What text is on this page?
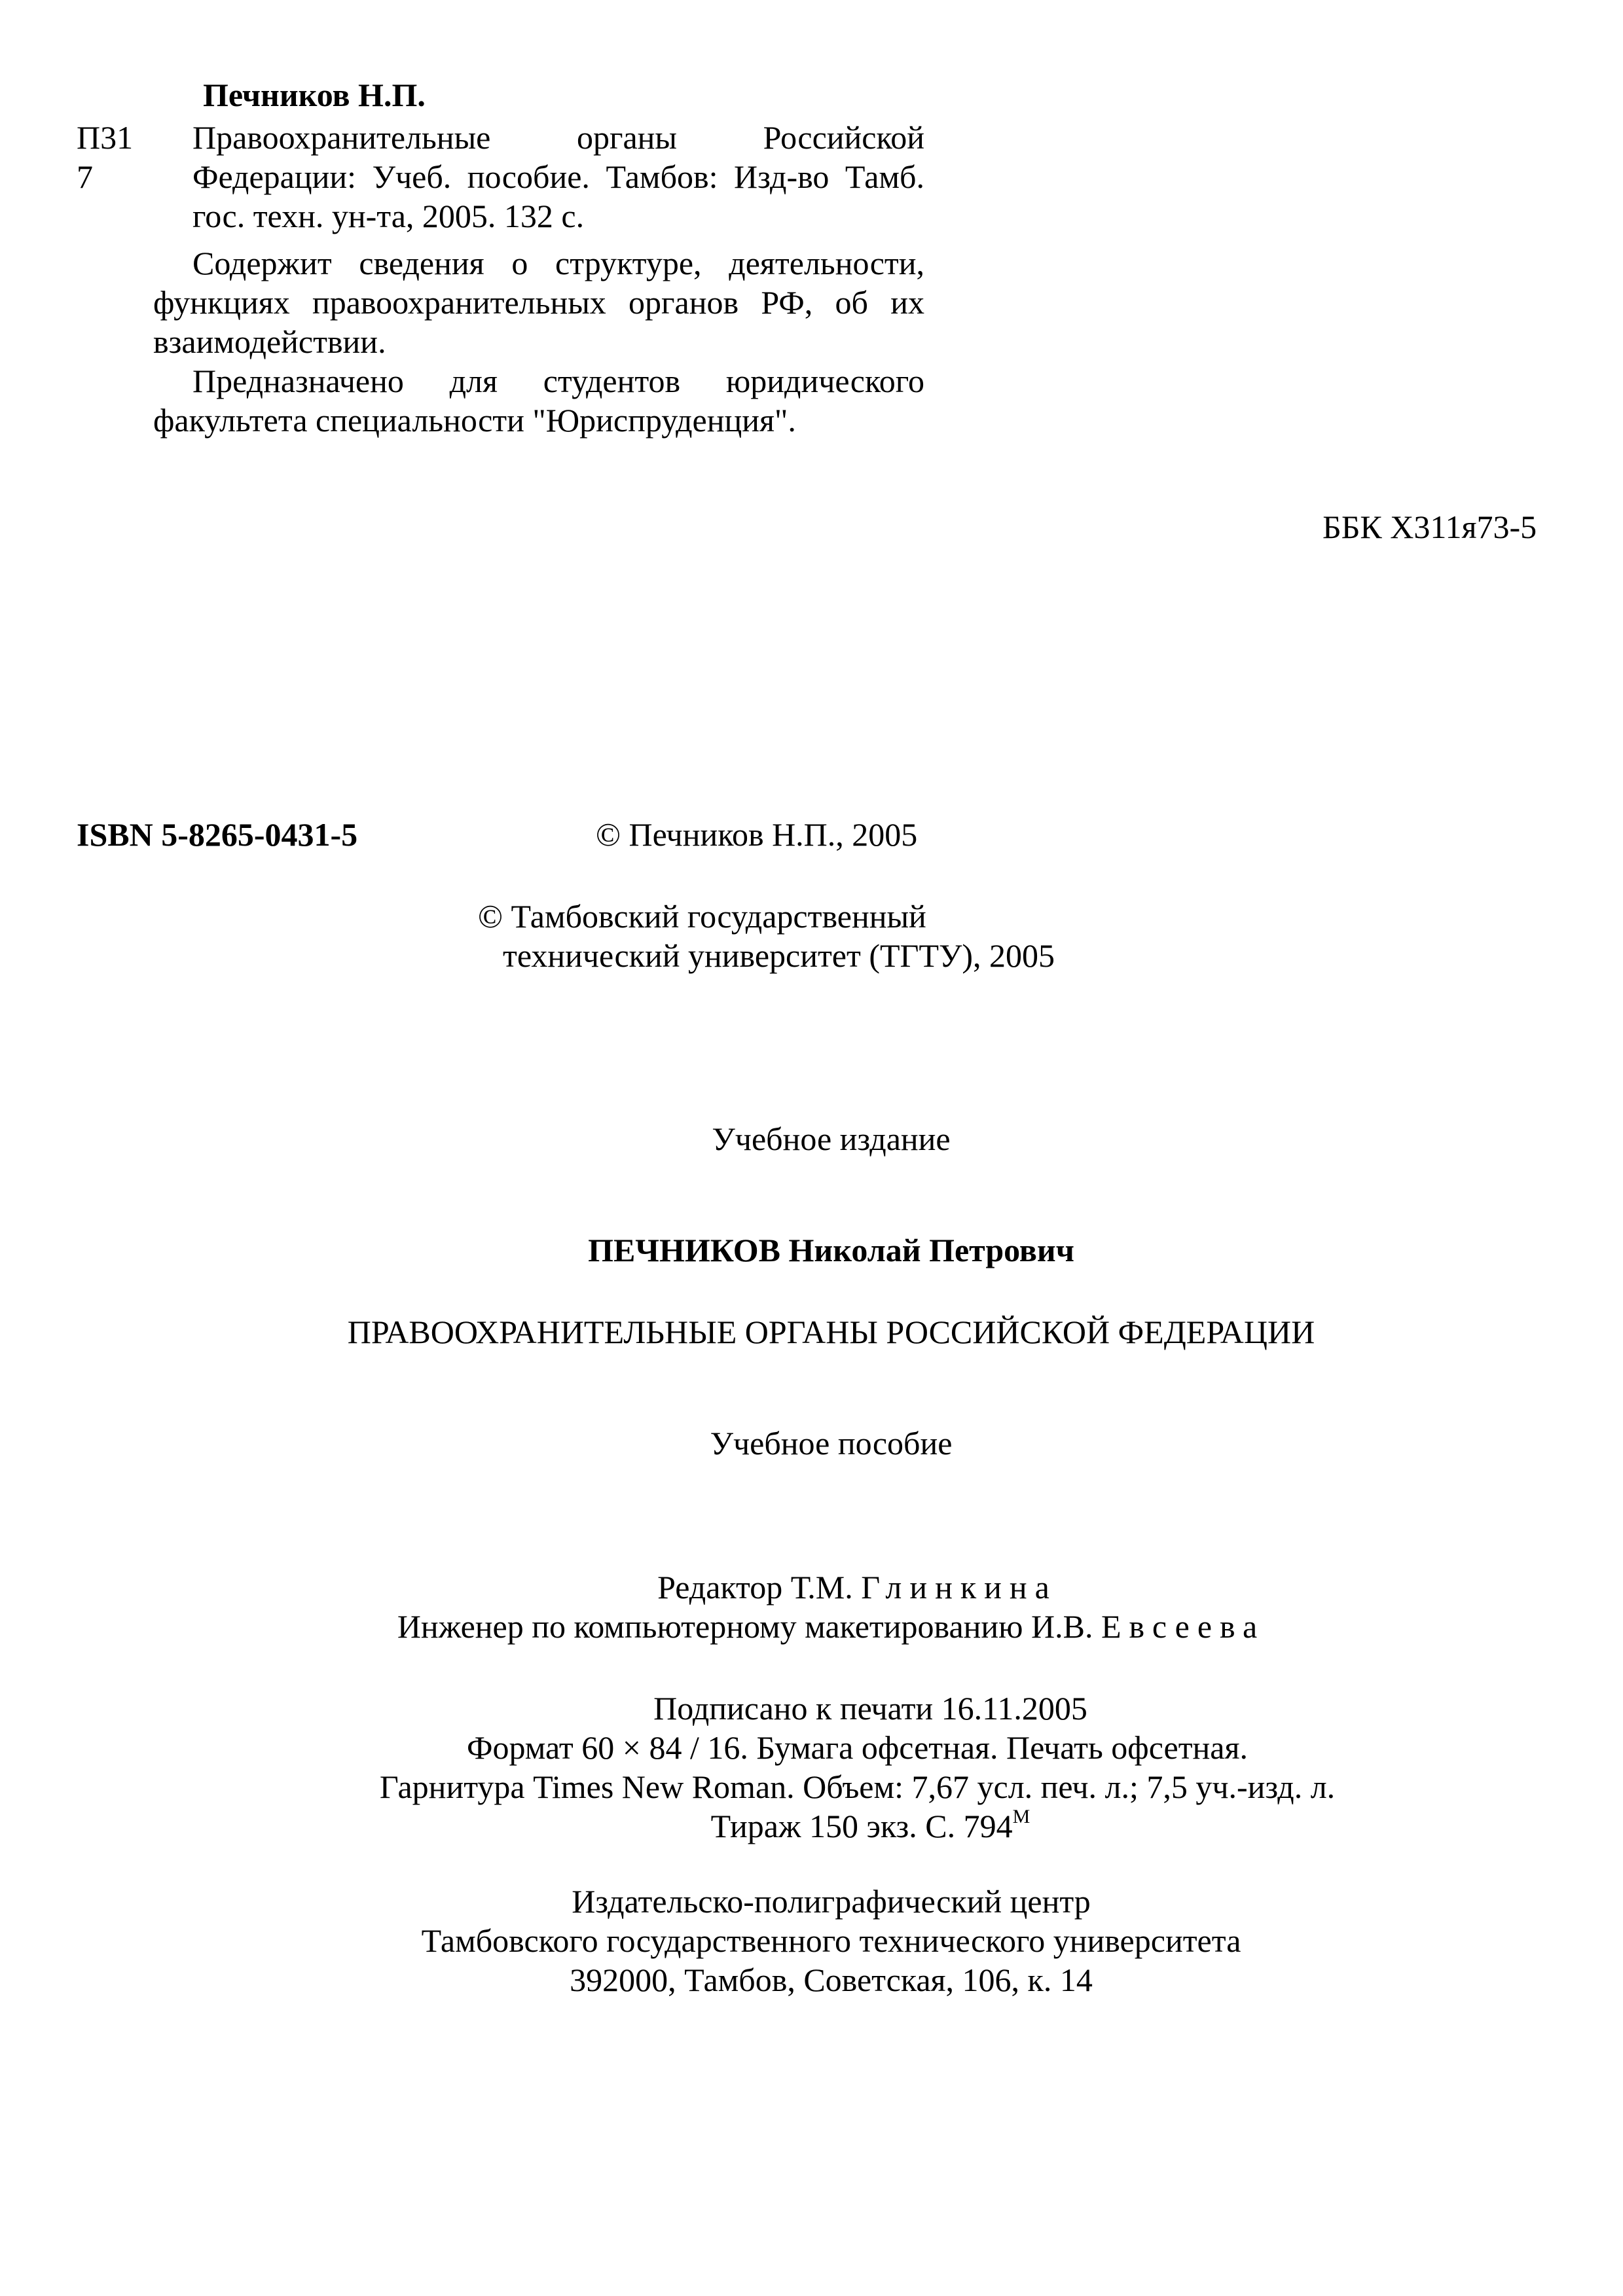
Печников Н.П.
П31
7

Правоохранительные органы Российской Федерации: Учеб. пособие. Тамбов: Изд-во Тамб. гос. техн. ун-та, 2005. 132 с.

Содержит сведения о структуре, деятельности, функциях правоохранительных органов РФ, об их взаимодействии.

Предназначено для студентов юридического факультета специальности "Юриспруденция".

ББК Х311я73-5
ISBN 5-8265-0431-5	© Печников Н.П., 2005
© Тамбовский государственный
технический университет (ТГТУ), 2005
Учебное издание
ПЕЧНИКОВ Николай Петрович
ПРАВООХРАНИТЕЛЬНЫЕ ОРГАНЫ РОССИЙСКОЙ ФЕДЕРАЦИИ
Учебное пособие
Редактор Т.М. Глинкина
Инженер по компьютерному макетированию И.В. Евсеева
Подписано к печати 16.11.2005
Формат 60 × 84 / 16. Бумага офсетная. Печать офсетная.
Гарнитура Times New Roman. Объем: 7,67 усл. печ. л.; 7,5 уч.-изд. л.
Тираж 150 экз. С. $794^М$
Издательско-полиграфический центр
Тамбовского государственного технического университета
392000, Тамбов, Советская, 106, к. 14
